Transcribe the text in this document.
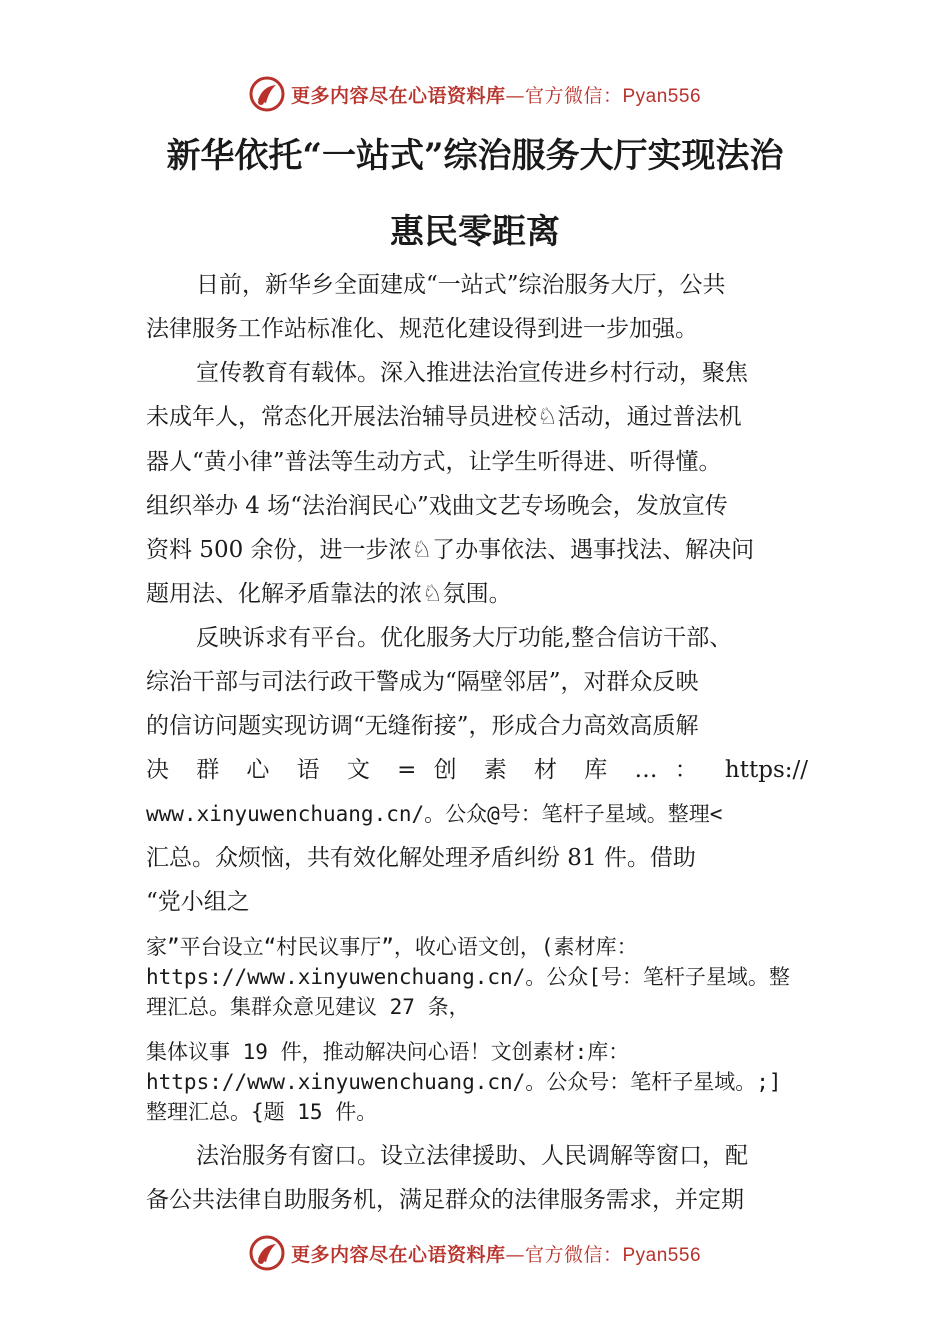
更多内容尽在心语资料库—官方微信：Pyan556
新华依托“一站式”综治服务大厅实现法治
惠民零距离
日前，新华乡全面建成“一站式”综治服务大厅，公共
法律服务工作站标准化、规范化建设得到进一步加强。
宣传教育有载体。深入推进法治宣传进乡村行动，聚焦
未成年人，常态化开展法治辅导员进校♘活动，通过普法机
器人“黄小律”普法等生动方式，让学生听得进、听得懂。
组织举办 4 场“法治润民心”戏曲文艺专场晚会，发放宣传
资料 500 余份，进一步浓♘了办事依法、遇事找法、解决问
题用法、化解矛盾靠法的浓♘氛围。
反映诉求有平台。优化服务大厅功能,整合信访干部、
综治干部与司法行政干警成为“隔壁邻居”，对群众反映
的信访问题实现访调“无缝衔接”，形成合力高效高质解
决 群 心 语 文 = 创 素 材 库 … ： https://
www.xinyuwenchuang.cn/。公众@号：笔杆子星域。整理<
汇总。众烦恼，共有效化解处理矛盾纠纷 81 件。借助
“党小组之
家”平台设立“村民议事厅”，收心语文创，(素材库：
https://www.xinyuwenchuang.cn/。公众[号：笔杆子星域。整
理汇总。集群众意见建议 27 条，
集体议事 19 件，推动解决问心语！文创素材:库：
https://www.xinyuwenchuang.cn/。公众号：笔杆子星域。;]
整理汇总。{题 15 件。
法治服务有窗口。设立法律援助、人民调解等窗口，配
备公共法律自助服务机，满足群众的法律服务需求，并定期
更多内容尽在心语资料库—官方微信：Pyan556
